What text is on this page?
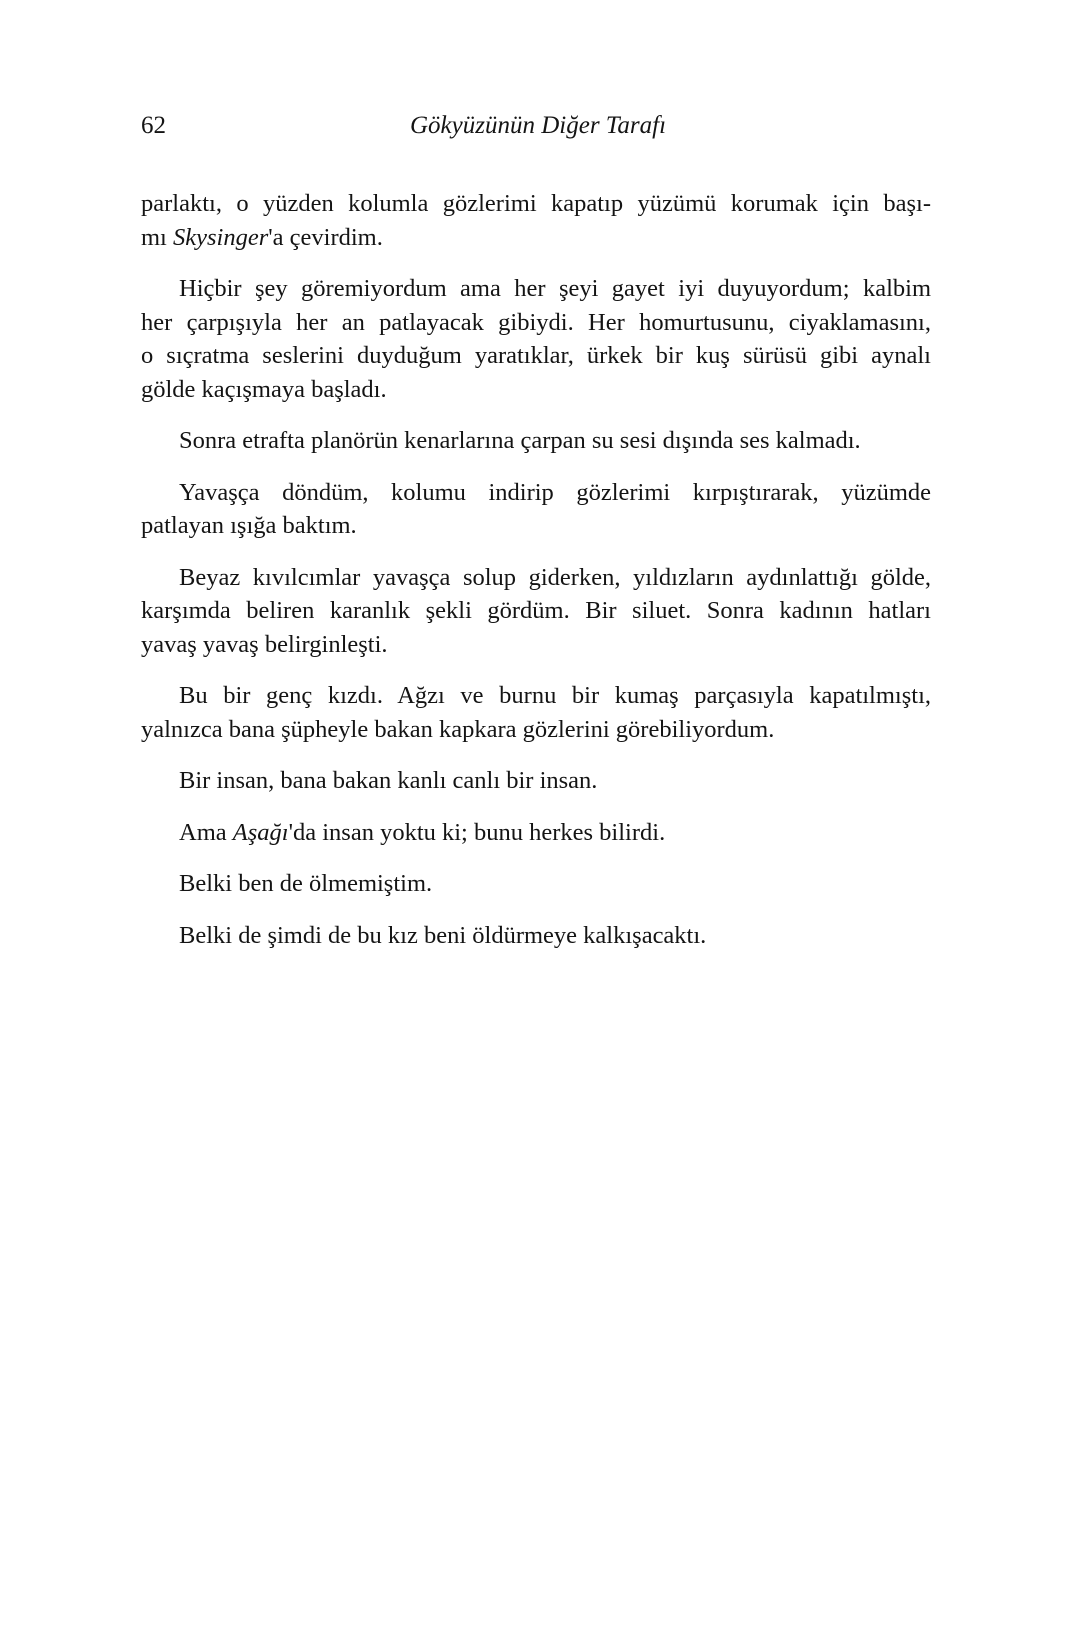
62	Gökyüzünün Diğer Tarafı

parlaktı, o yüzden kolumla gözlerimi kapatıp yüzümü korumak için başı-
mı Skysinger'a çevirdim.

Hiçbir şey göremiyordum ama her şeyi gayet iyi duyuyordum; kalbim
her çarpışıyla her an patlayacak gibiydi. Her homurtusunu, ciyaklamasını,
o sıçratma seslerini duyduğum yaratıklar, ürkek bir kuş sürüsü gibi aynalı
gölde kaçışmaya başladı.

Sonra etrafta planörün kenarlarına çarpan su sesi dışında ses kalmadı.

Yavaşça döndüm, kolumu indirip gözlerimi kırpıştırarak, yüzümde
patlayan ışığa baktım.

Beyaz kıvılcımlar yavaşça solup giderken, yıldızların aydınlattığı gölde,
karşımda beliren karanlık şekli gördüm. Bir siluet. Sonra kadının hatları
yavaş yavaş belirginleşti.

Bu bir genç kızdı. Ağzı ve burnu bir kumaş parçasıyla kapatılmıştı,
yalnızca bana şüpheyle bakan kapkara gözlerini görebiliyordum.

Bir insan, bana bakan kanlı canlı bir insan.

Ama Aşağı'da insan yoktu ki; bunu herkes bilirdi.

Belki ben de ölmemiştim.

Belki de şimdi de bu kız beni öldürmeye kalkışacaktı.
